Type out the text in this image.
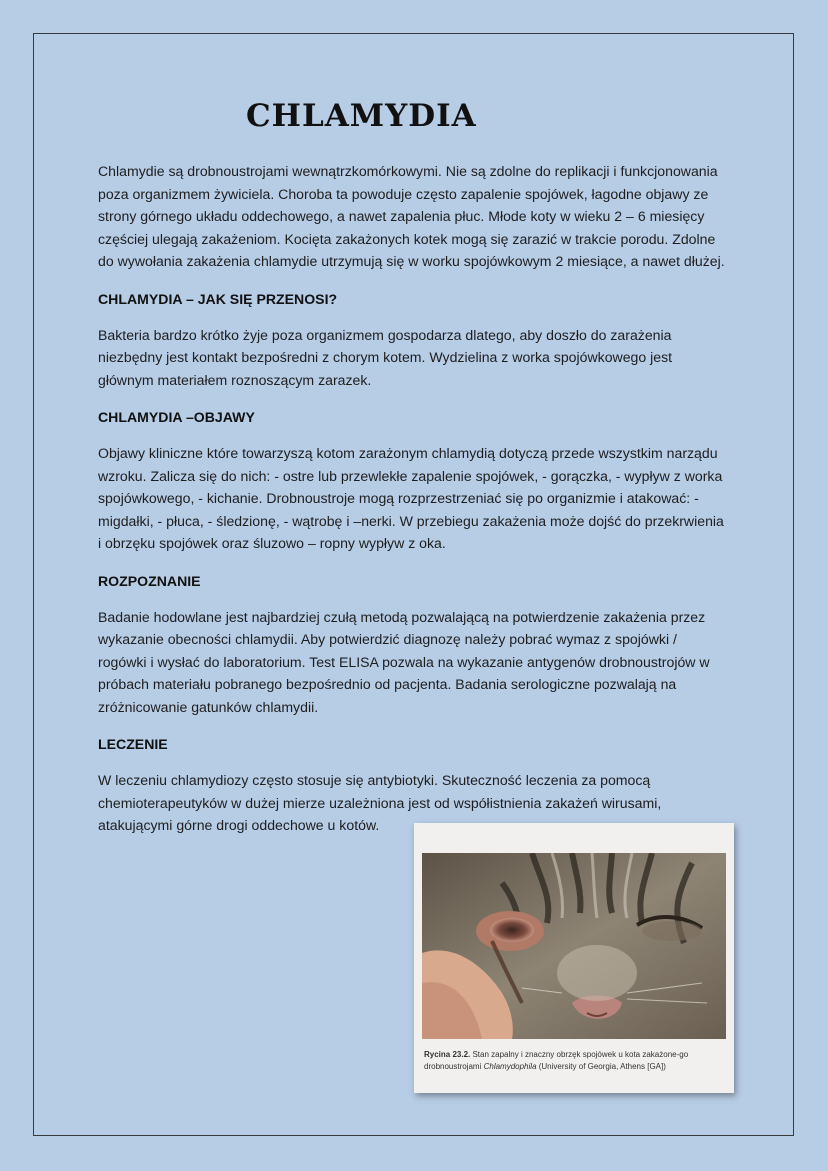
CHLAMYDIA

Chlamydie są drobnoustrojami wewnątrzkomórkowymi. Nie są zdolne do replikacji i funkcjonowania poza organizmem żywiciela. Choroba ta powoduje często zapalenie spojówek, łagodne objawy ze strony górnego układu oddechowego, a nawet zapalenia płuc. Młode koty w wieku 2 – 6 miesięcy częściej ulegają zakażeniom. Kocięta zakażonych kotek mogą się zarazić w trakcie porodu. Zdolne do wywołania zakażenia chlamydie utrzymują się w worku spojówkowym 2 miesiące, a nawet dłużej.

CHLAMYDIA – JAK SIĘ PRZENOSI?

Bakteria bardzo krótko żyje poza organizmem gospodarza dlatego, aby doszło do zarażenia niezbędny jest kontakt bezpośredni z chorym kotem. Wydzielina z worka spojówkowego jest głównym materiałem roznoszącym zarazek.

CHLAMYDIA –OBJAWY

Objawy kliniczne które towarzyszą kotom zarażonym chlamydią dotyczą przede wszystkim narządu wzroku. Zalicza się do nich: - ostre lub przewlekłe zapalenie spojówek, - gorączka, - wypływ z worka spojówkowego, - kichanie. Drobnoustroje mogą rozprzestrzeniać się po organizmie i atakować: - migdałki, - płuca, - śledzionę, - wątrobę i –nerki. W przebiegu zakażenia może dojść do przekrwienia i obrzęku spojówek oraz śluzowo – ropny wypływ z oka.

ROZPOZNANIE

Badanie hodowlane jest najbardziej czułą metodą pozwalającą na potwierdzenie zakażenia przez wykazanie obecności chlamydii. Aby potwierdzić diagnozę należy pobrać wymaz z spojówki / rogówki i wysłać do laboratorium. Test ELISA pozwala na wykazanie antygenów drobnoustrojów w próbach materiału pobranego bezpośrednio od pacjenta. Badania serologiczne pozwalają na zróżnicowanie gatunków chlamydii.

LECZENIE

W leczeniu chlamydiozy często stosuje się antybiotyki. Skuteczność leczenia za pomocą chemioterapeutyków w dużej mierze uzależniona jest od współistnienia zakażeń wirusami, atakującymi górne drogi oddechowe u kotów.

Rycina 23.2. Stan zapalny i znaczny obrzęk spojówek u kota zakażone-go drobnoustrojami Chlamydophila (University of Georgia, Athens [GA])
